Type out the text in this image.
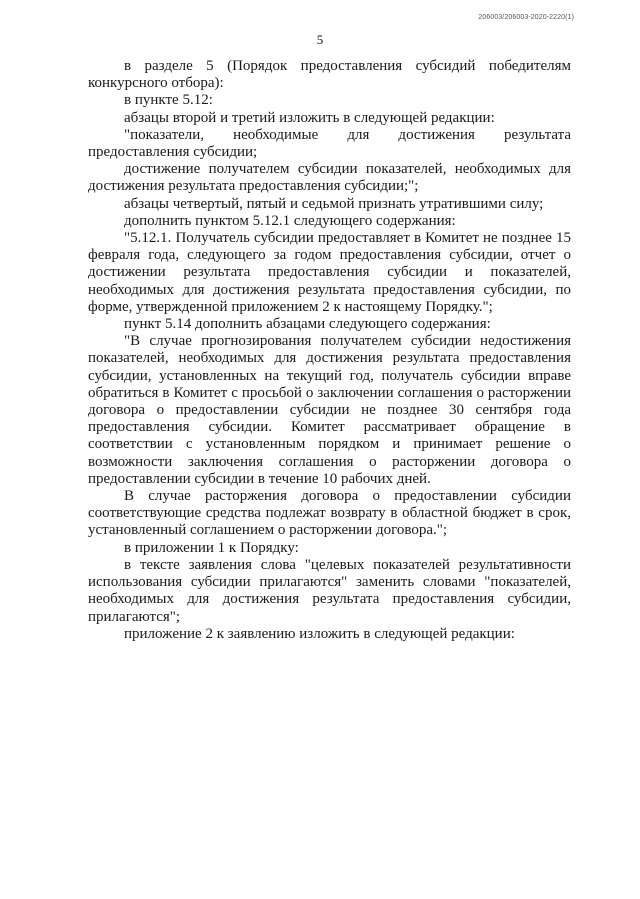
206003/206003-2020-2220(1)
5

в разделе 5 (Порядок предоставления субсидий победителям конкурсного отбора):

в пункте 5.12:

абзацы второй и третий изложить в следующей редакции:

"показатели, необходимые для достижения результата предоставления субсидии;

достижение получателем субсидии показателей, необходимых для достижения результата предоставления субсидии;";

абзацы четвертый, пятый и седьмой признать утратившими силу;

дополнить пунктом 5.12.1 следующего содержания:

"5.12.1. Получатель субсидии предоставляет в Комитет не позднее 15 февраля года, следующего за годом предоставления субсидии, отчет о достижении результата предоставления субсидии и показателей, необходимых для достижения результата предоставления субсидии, по форме, утвержденной приложением 2 к настоящему Порядку.";

пункт 5.14 дополнить абзацами следующего содержания:

"В случае прогнозирования получателем субсидии недостижения показателей, необходимых для достижения результата предоставления субсидии, установленных на текущий год, получатель субсидии вправе обратиться в Комитет с просьбой о заключении соглашения о расторжении договора о предоставлении субсидии не позднее 30 сентября года предоставления субсидии. Комитет рассматривает обращение в соответствии с установленным порядком и принимает решение о возможности заключения соглашения о расторжении договора о предоставлении субсидии в течение 10 рабочих дней.

В случае расторжения договора о предоставлении субсидии соответствующие средства подлежат возврату в областной бюджет в срок, установленный соглашением о расторжении договора.";

в приложении 1 к Порядку:

в тексте заявления слова "целевых показателей результативности использования субсидии прилагаются" заменить словами "показателей, необходимых для достижения результата предоставления субсидии, прилагаются";

приложение 2 к заявлению изложить в следующей редакции:
